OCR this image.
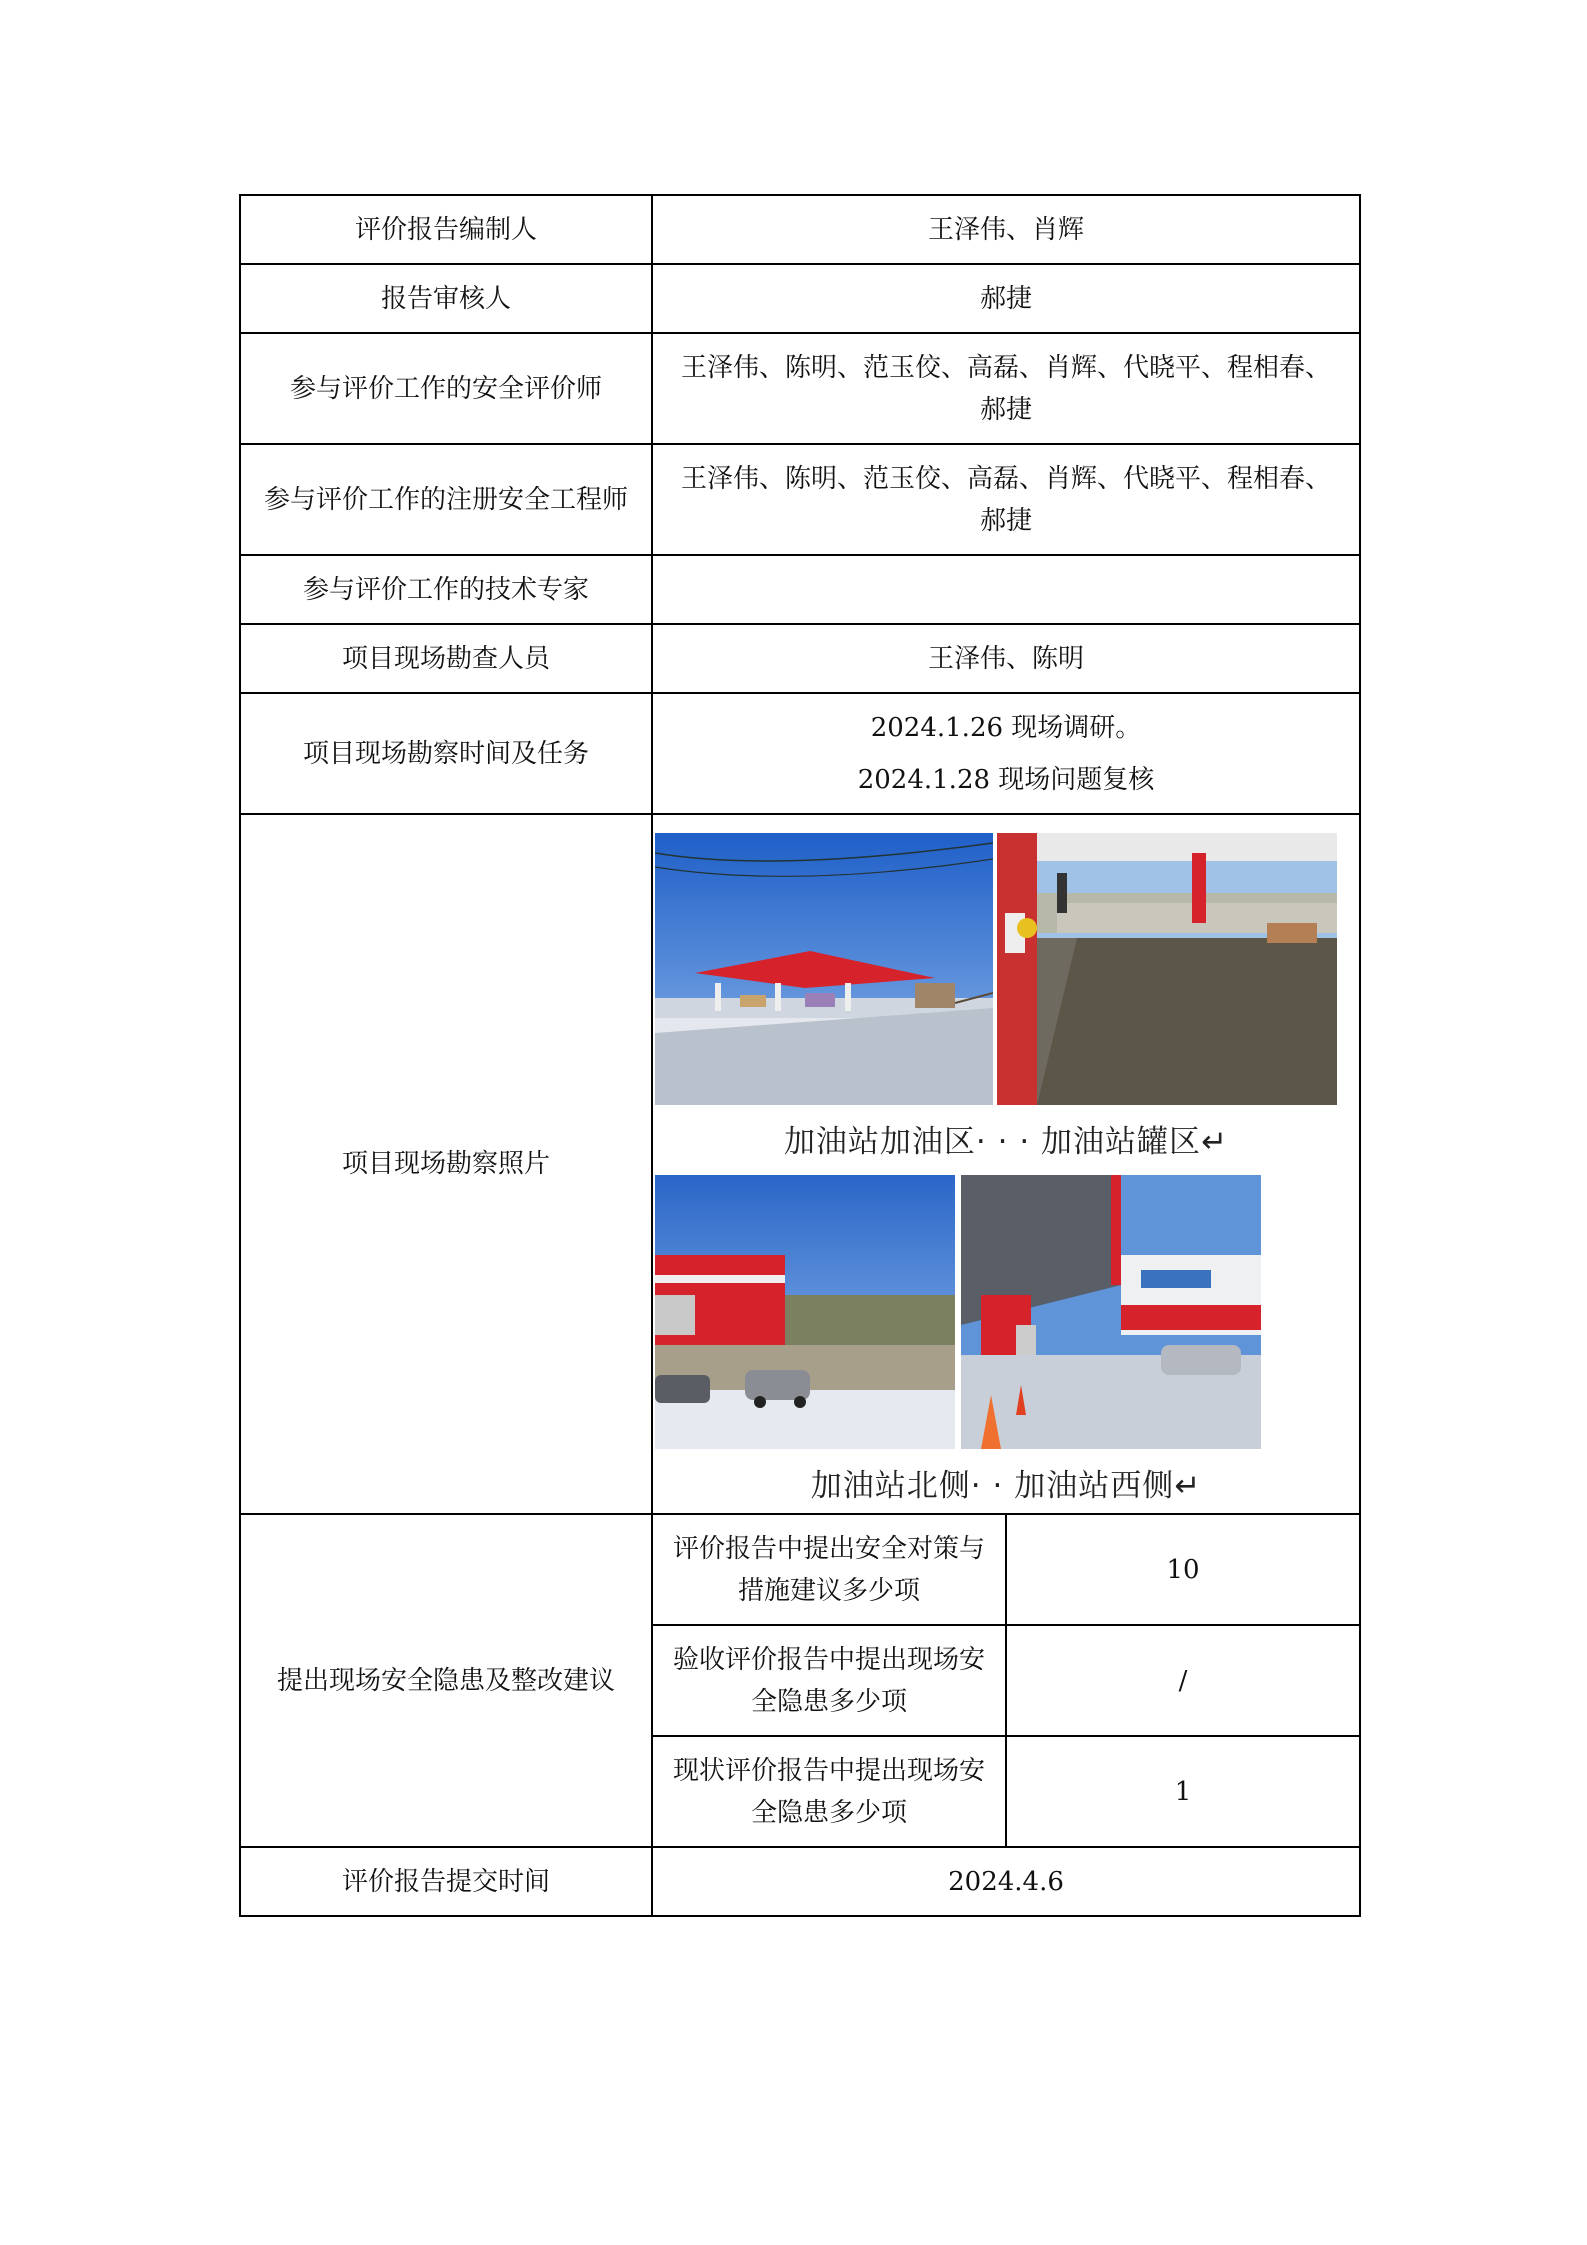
评价报告编制人	王泽伟、肖辉	
报告审核人	郝捷	
参与评价工作的安全评价师	王泽伟、陈明、范玉佼、高磊、肖辉、代晓平、程相春、
郝捷	

参与评价工作的注册安全工程师	王泽伟、陈明、范玉佼、高磊、肖辉、代晓平、程相春、
郝捷	

参与评价工作的技术专家		
项目现场勘查人员	王泽伟、陈明	
项目现场勘察时间及任务	2024.1.26 现场调研。
2024.1.28 现场问题复核	

项目现场勘察照片	加油站加油区· · · 加油站罐区↵
加油站北侧· · 加油站西侧↵	

提出现场安全隐患及整改建议	评价报告中提出安全对策与
措施建议多少项	10

	验收评价报告中提出现场安
全隐患多少项	/

	现状评价报告中提出现场安
全隐患多少项	1
评价报告提交时间	2024.4.6	
